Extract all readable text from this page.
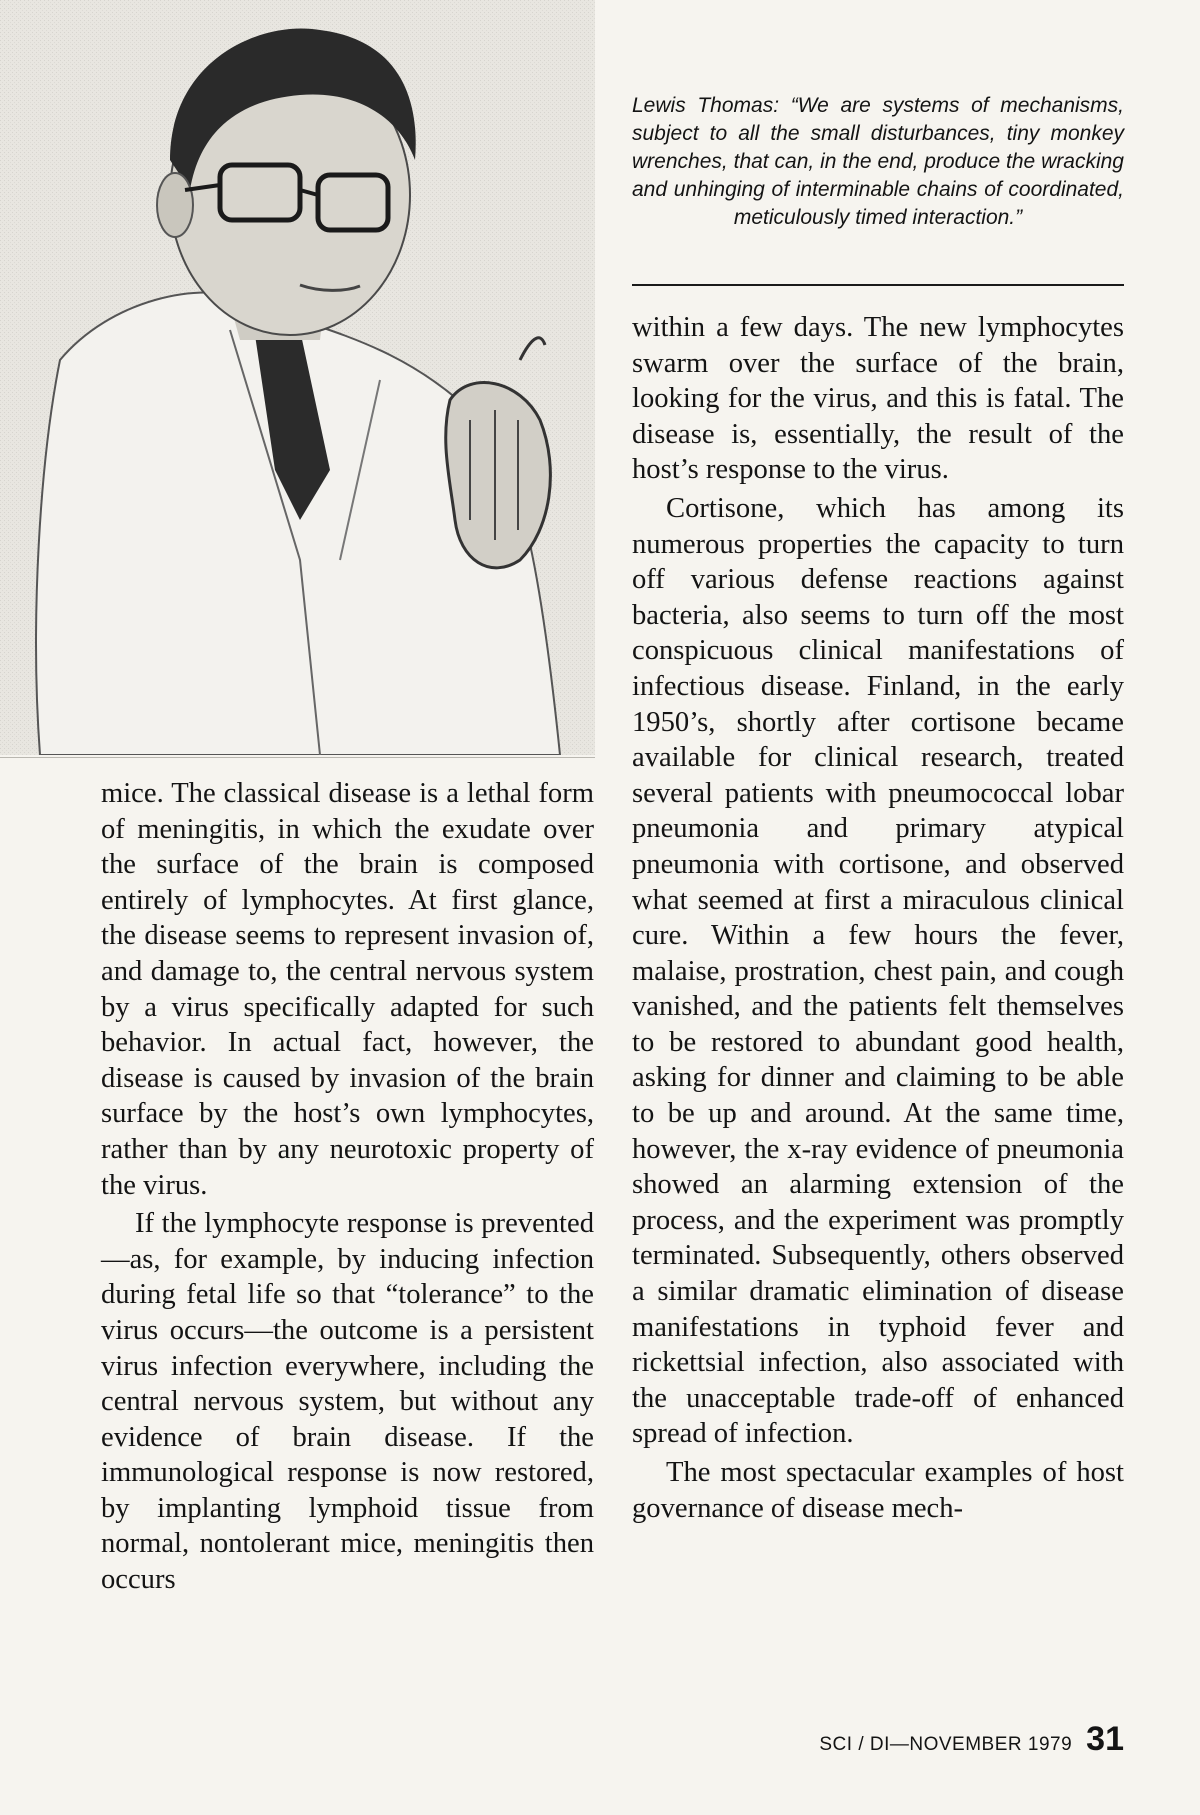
Lewis Thomas: “We are systems of mechanisms, subject to all the small disturbances, tiny monkey wrenches, that can, in the end, produce the wracking and unhinging of interminable chains of coordinated, meticulously timed interaction.”

mice. The classical disease is a lethal form of meningitis, in which the exudate over the surface of the brain is composed entirely of lymphocytes. At first glance, the disease seems to represent invasion of, and damage to, the central nervous system by a virus specifically adapted for such behavior. In actual fact, however, the disease is caused by invasion of the brain surface by the host’s own lymphocytes, rather than by any neurotoxic property of the virus.

If the lymphocyte response is prevented—as, for example, by inducing infection during fetal life so that “tolerance” to the virus occurs—the outcome is a persistent virus infection everywhere, including the central nervous system, but without any evidence of brain disease. If the immunological response is now restored, by implanting lymphoid tissue from normal, nontolerant mice, meningitis then occurs

within a few days. The new lymphocytes swarm over the surface of the brain, looking for the virus, and this is fatal. The disease is, essentially, the result of the host’s response to the virus.

Cortisone, which has among its numerous properties the capacity to turn off various defense reactions against bacteria, also seems to turn off the most conspicuous clinical manifestations of infectious disease. Finland, in the early 1950’s, shortly after cortisone became available for clinical research, treated several patients with pneumococcal lobar pneumonia and primary atypical pneumonia with cortisone, and observed what seemed at first a miraculous clinical cure. Within a few hours the fever, malaise, prostration, chest pain, and cough vanished, and the patients felt themselves to be restored to abundant good health, asking for dinner and claiming to be able to be up and around. At the same time, however, the x-ray evidence of pneumonia showed an alarming extension of the process, and the experiment was promptly terminated. Subsequently, others observed a similar dramatic elimination of disease manifestations in typhoid fever and rickettsial infection, also associated with the unacceptable trade-off of enhanced spread of infection.

The most spectacular examples of host governance of disease mech-

SCI / DI—NOVEMBER 1979 31
